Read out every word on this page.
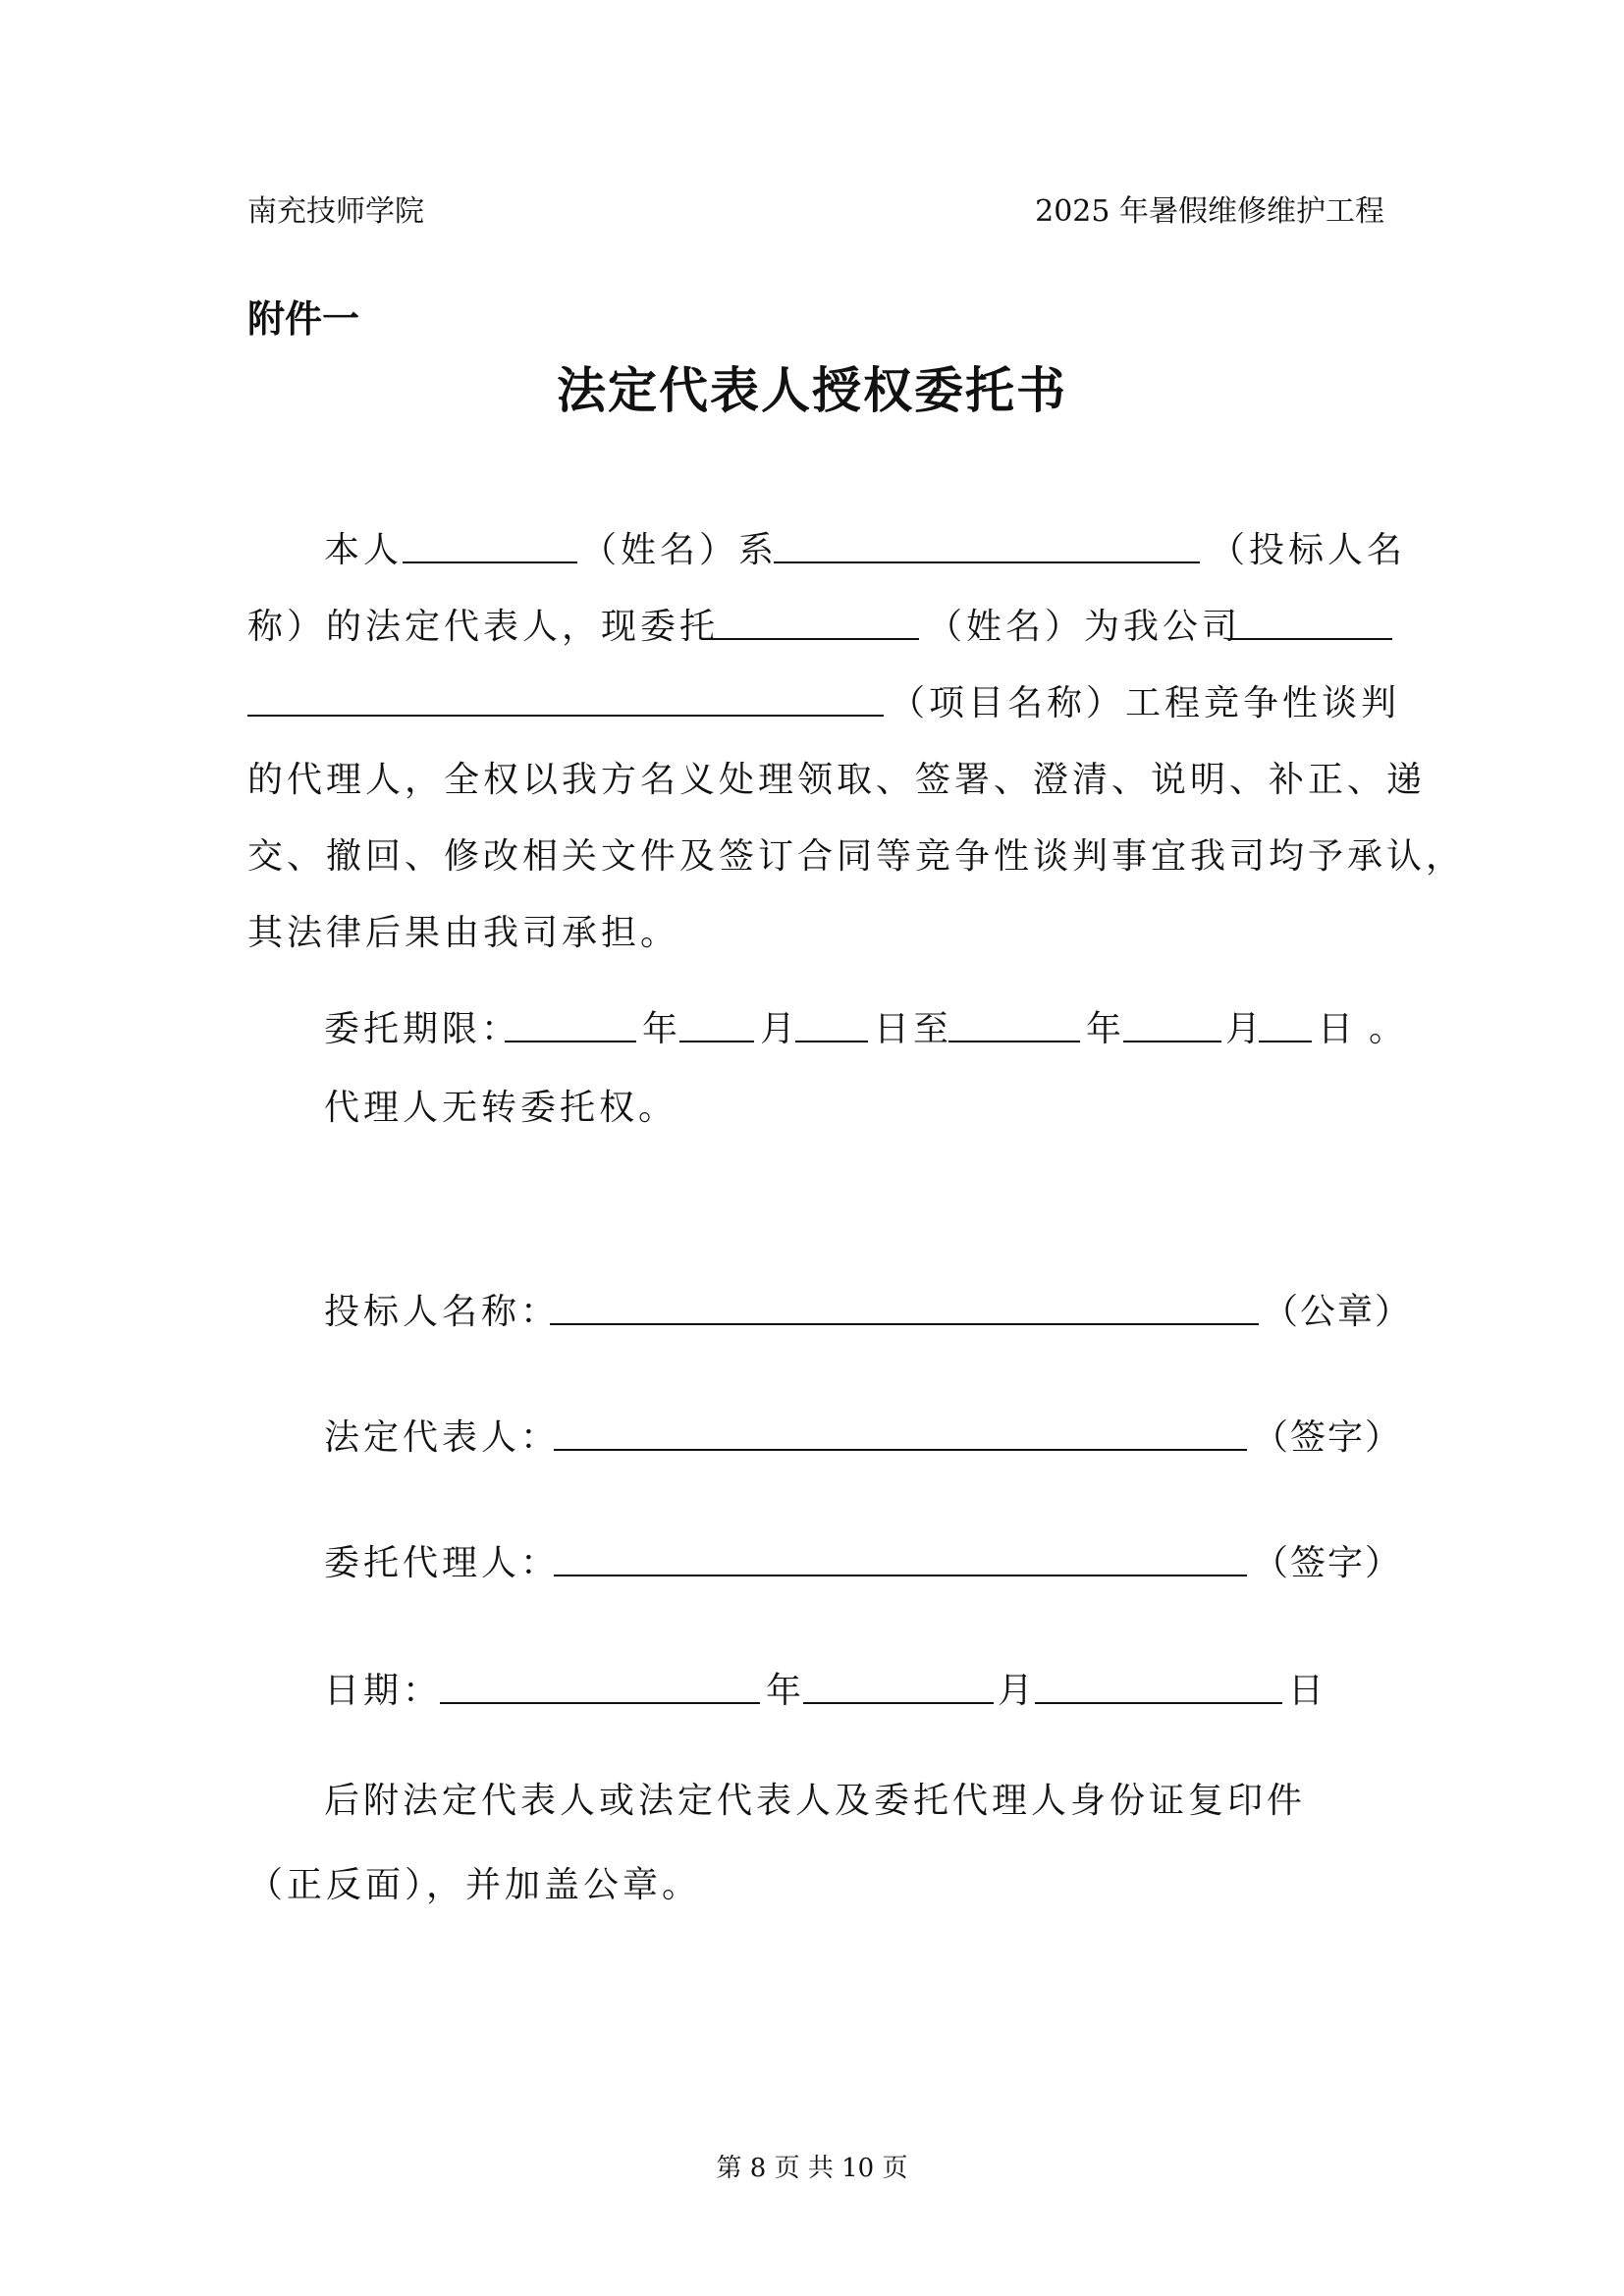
南充技师学院	2025 年暑假维修维护工程
附件一
法定代表人授权委托书
本人	（姓名）系	（投标人名
称）的法定代表人，现委托	（姓名）为我公司
（项目名称）工程竞争性谈判
的代理人，全权以我方名义处理领取、签署、澄清、说明、补正、递
交、撤回、修改相关文件及签订合同等竞争性谈判事宜我司均予承认，
其法律后果由我司承担。
委托期限：	年 月 日至	年	月 日 。
代理人无转委托权。
投标人名称：	（公章）
法定代表人：	（签字）
委托代理人：	（签字）
日期：	年	月	日
后附法定代表人或法定代表人及委托代理人身份证复印件
（正反面），并加盖公章。
第 8 页 共 10 页
